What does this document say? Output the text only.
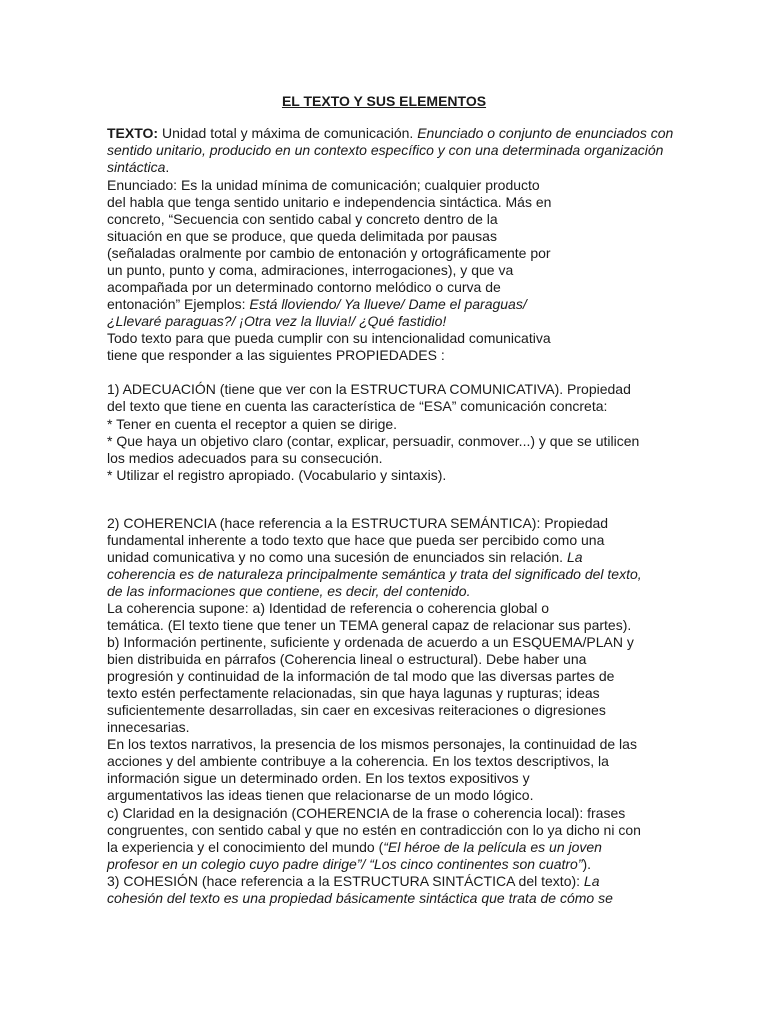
EL TEXTO Y SUS ELEMENTOS
TEXTO: Unidad total y máxima de comunicación. Enunciado o conjunto de enunciados con
sentido unitario, producido en un contexto específico y con una determinada organización
sintáctica.
Enunciado: Es la unidad mínima de comunicación; cualquier producto
del habla que tenga sentido unitario e independencia sintáctica. Más en
concreto, “Secuencia con sentido cabal y concreto dentro de la
situación en que se produce, que queda delimitada por pausas
(señaladas oralmente por cambio de entonación y ortográficamente por
un punto, punto y coma, admiraciones, interrogaciones), y que va
acompañada por un determinado contorno melódico o curva de
entonación” Ejemplos: Está lloviendo/ Ya llueve/ Dame el paraguas/
¿Llevaré paraguas?/ ¡Otra vez la lluvia!/ ¿Qué fastidio!
Todo texto para que pueda cumplir con su intencionalidad comunicativa
tiene que responder a las siguientes PROPIEDADES :
1) ADECUACIÓN (tiene que ver con la ESTRUCTURA COMUNICATIVA). Propiedad
del texto que tiene en cuenta las característica de “ESA” comunicación concreta:
* Tener en cuenta el receptor a quien se dirige.
* Que haya un objetivo claro (contar, explicar, persuadir, conmover...) y que se utilicen
los medios adecuados para su consecución.
* Utilizar el registro apropiado. (Vocabulario y sintaxis).
2) COHERENCIA (hace referencia a la ESTRUCTURA SEMÁNTICA): Propiedad
fundamental inherente a todo texto que hace que pueda ser percibido como una
unidad comunicativa y no como una sucesión de enunciados sin relación. La
coherencia es de naturaleza principalmente semántica y trata del significado del texto,
de las informaciones que contiene, es decir, del contenido.
La coherencia supone: a) Identidad de referencia o coherencia global o
temática. (El texto tiene que tener un TEMA general capaz de relacionar sus partes).
b) Información pertinente, suficiente y ordenada de acuerdo a un ESQUEMA/PLAN y
bien distribuida en párrafos (Coherencia lineal o estructural). Debe haber una
progresión y continuidad de la información de tal modo que las diversas partes de
texto estén perfectamente relacionadas, sin que haya lagunas y rupturas; ideas
suficientemente desarrolladas, sin caer en excesivas reiteraciones o digresiones
innecesarias.
En los textos narrativos, la presencia de los mismos personajes, la continuidad de las
acciones y del ambiente contribuye a la coherencia. En los textos descriptivos, la
información sigue un determinado orden. En los textos expositivos y
argumentativos las ideas tienen que relacionarse de un modo lógico.
c) Claridad en la designación (COHERENCIA de la frase o coherencia local): frases
congruentes, con sentido cabal y que no estén en contradicción con lo ya dicho ni con
la experiencia y el conocimiento del mundo (“El héroe de la película es un joven
profesor en un colegio cuyo padre dirige”/ “Los cinco continentes son cuatro”).
3) COHESIÓN (hace referencia a la ESTRUCTURA SINTÁCTICA del texto): La
cohesión del texto es una propiedad básicamente sintáctica que trata de cómo se
